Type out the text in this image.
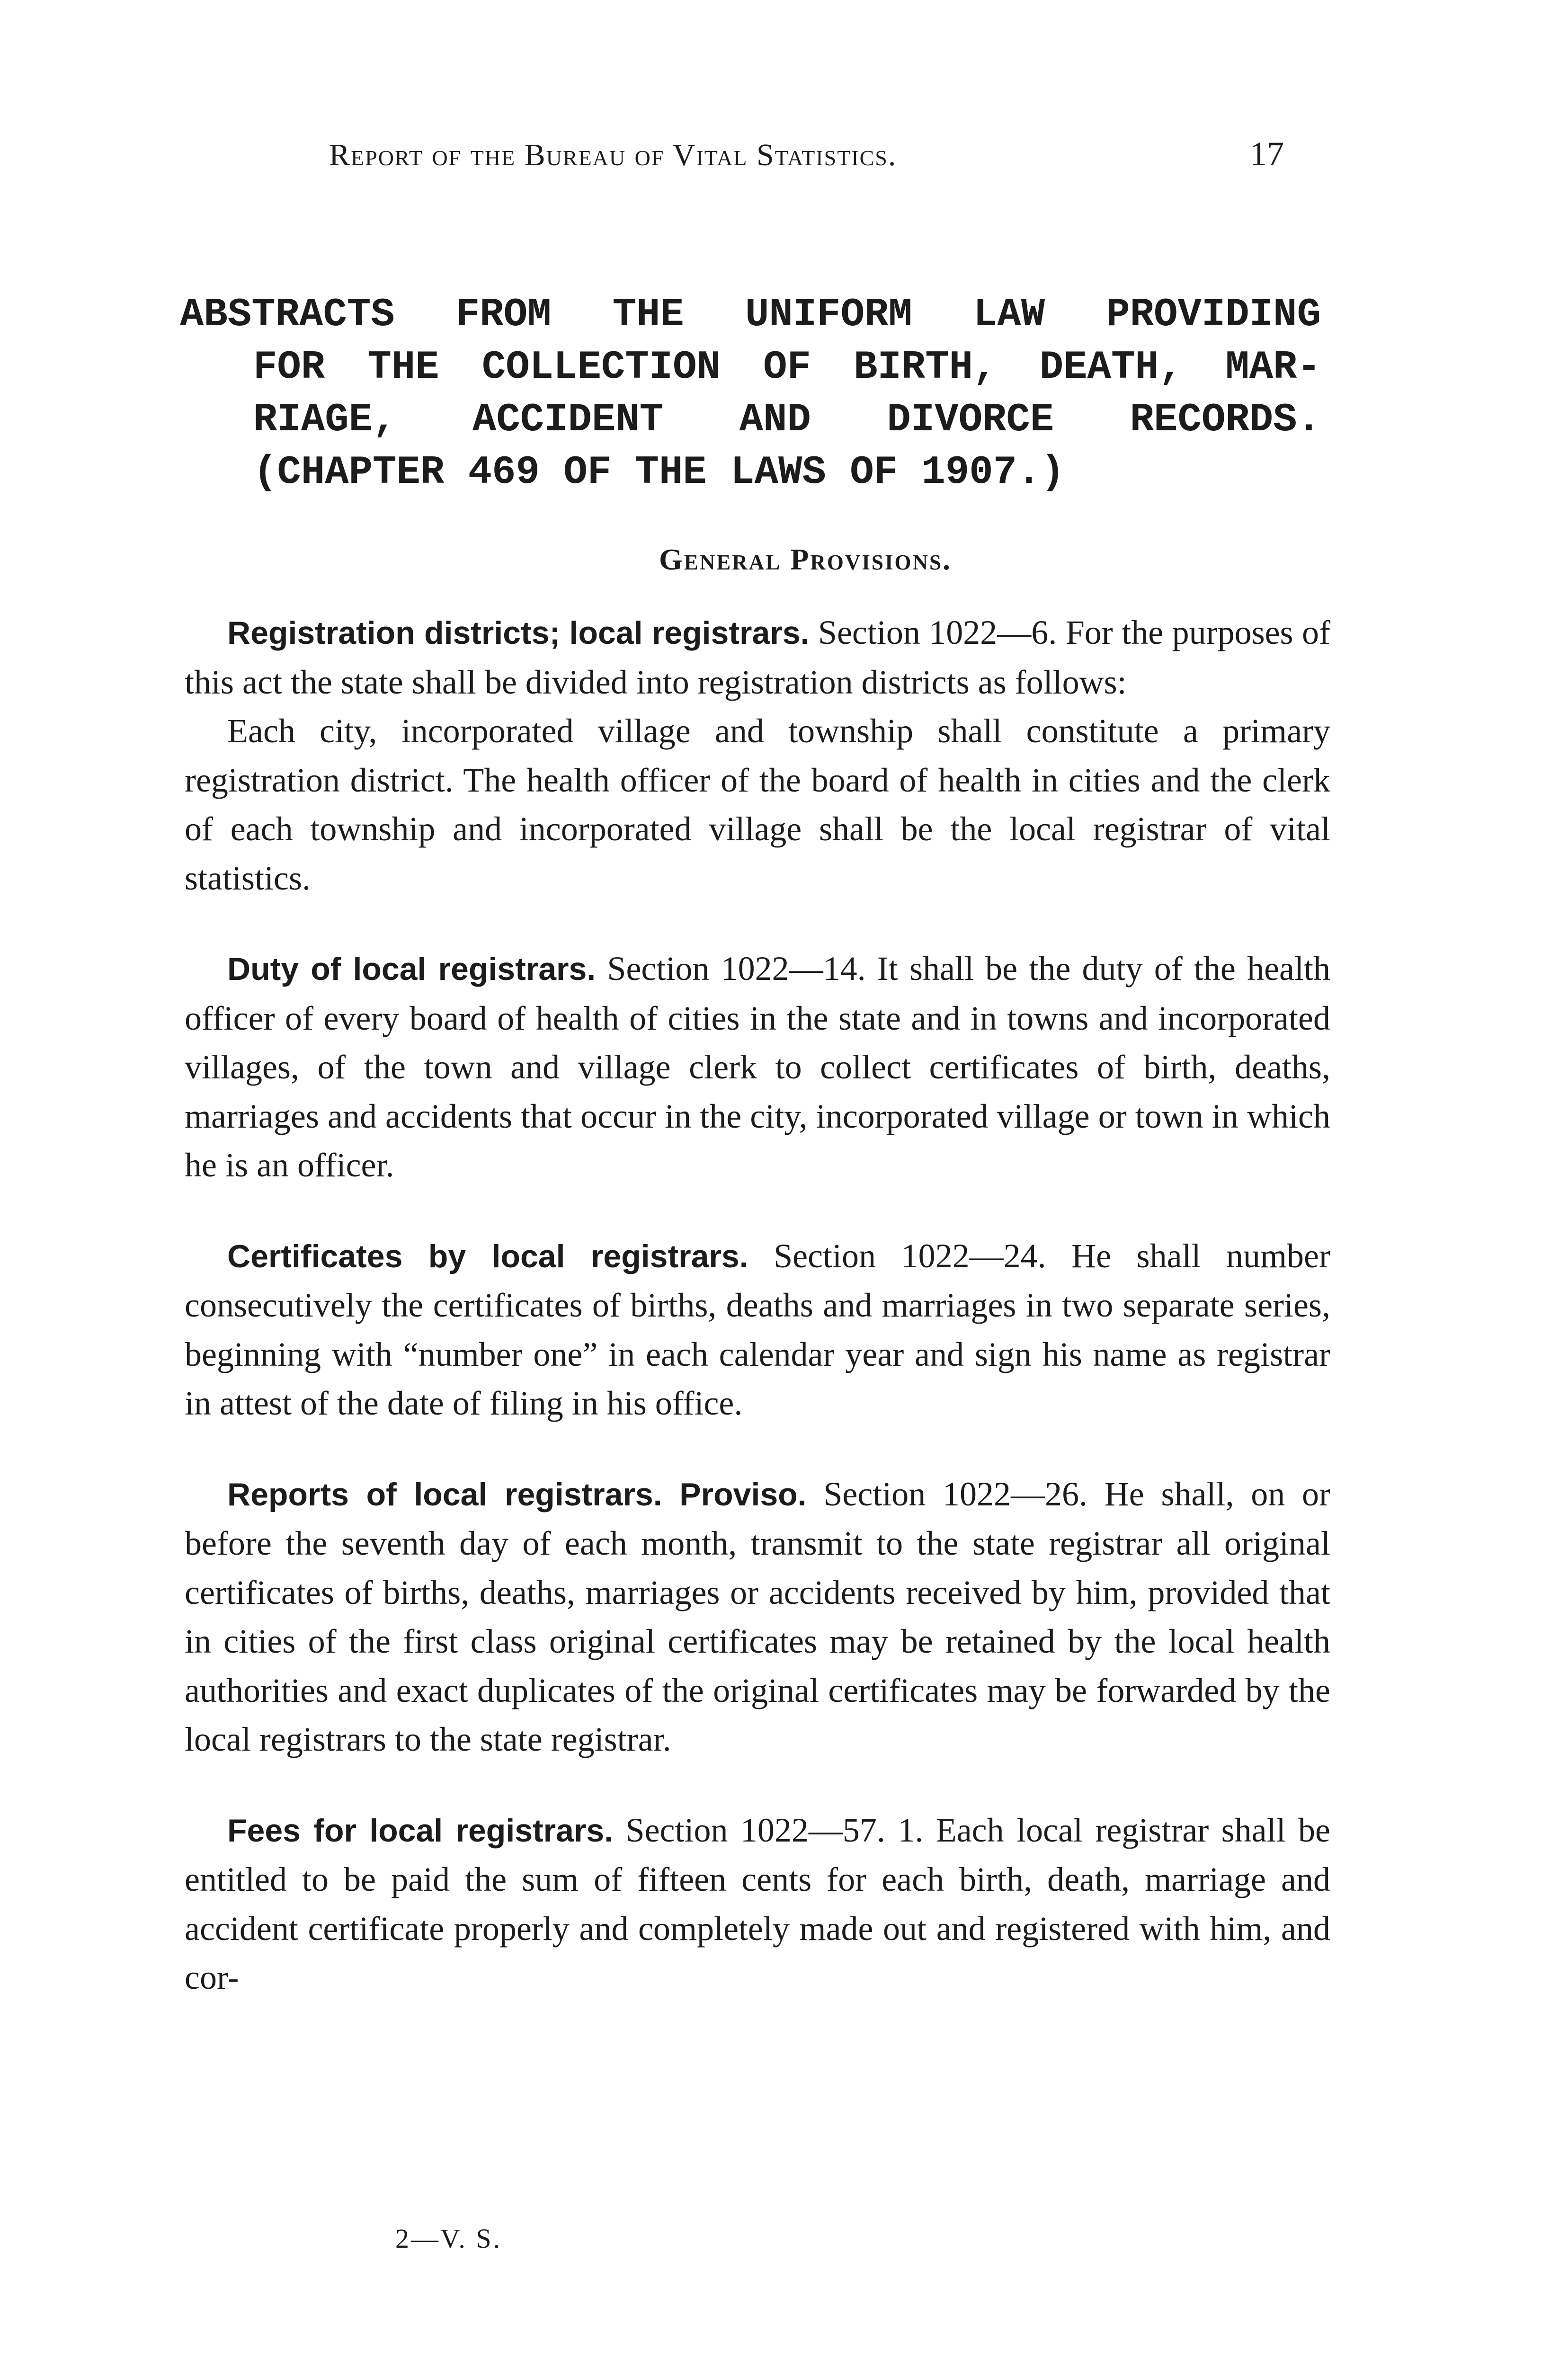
Report of the Bureau of Vital Statistics.	17
ABSTRACTS FROM THE UNIFORM LAW PROVIDING
FOR THE COLLECTION OF BIRTH, DEATH, MAR-
RIAGE, ACCIDENT AND DIVORCE RECORDS.
(CHAPTER 469 OF THE LAWS OF 1907.)
General Provisions.

Registration districts; local registrars. Section 1022—6. For the purposes of this act the state shall be divided into registration districts as follows:

Each city, incorporated village and township shall constitute a primary registration district. The health officer of the board of health in cities and the clerk of each township and incorporated village shall be the local registrar of vital statistics.

Duty of local registrars. Section 1022—14. It shall be the duty of the health officer of every board of health of cities in the state and in towns and incorporated villages, of the town and village clerk to collect certificates of birth, deaths, marriages and accidents that occur in the city, incorporated village or town in which he is an officer.

Certificates by local registrars. Section 1022—24. He shall number consecutively the certificates of births, deaths and marriages in two separate series, beginning with “number one” in each calendar year and sign his name as registrar in attest of the date of filing in his office.

Reports of local registrars. Proviso. Section 1022—26. He shall, on or before the seventh day of each month, transmit to the state registrar all original certificates of births, deaths, marriages or accidents received by him, provided that in cities of the first class original certificates may be retained by the local health authorities and exact duplicates of the original certificates may be forwarded by the local registrars to the state registrar.

Fees for local registrars. Section 1022—57. 1. Each local registrar shall be entitled to be paid the sum of fifteen cents for each birth, death, marriage and accident certificate properly and completely made out and registered with him, and cor-

2—V. S.
